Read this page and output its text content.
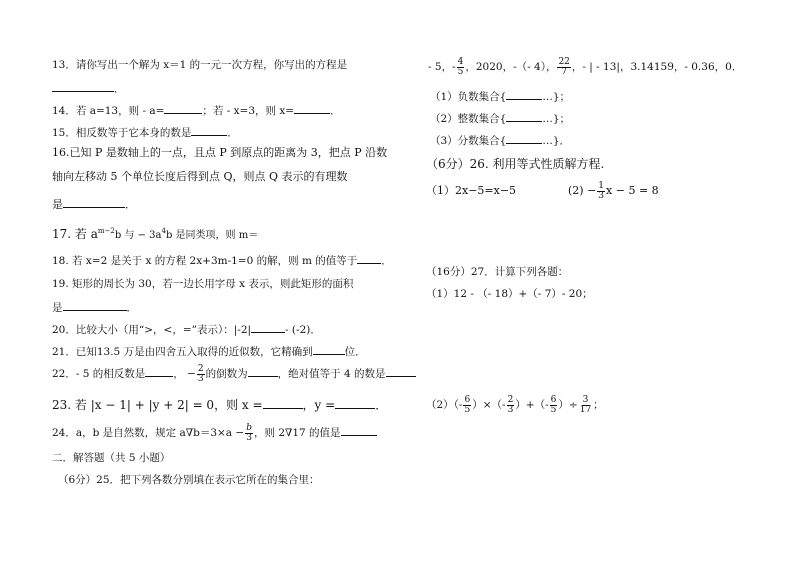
13．请你写出一个解为 x＝1 的一元一次方程，你写出的方程是
．
14．若 a=13，则 - a=	；若 - x=3，则 x=	．
15．相反数等于它本身的数是	．
16.已知 P 是数轴上的一点，且点 P 到原点的距离为 3，把点 P 沿数
轴向左移动 5 个单位长度后得到点 Q，则点 Q 表示的有理数
是	．
17. 若 $a^{m-2}b$ 与 − $3a^4b$ 是同类项，则 m＝
18. 若 x=2 是关于 x 的方程 2x+3m-1=0 的解，则 m 的值等于 ．
19. 矩形的周长为 30，若一边长用字母 x 表示，则此矩形的面积
是	．
20．比较大小（用“>，<，=”表示）：|-2|	- (-2)．
21．已知13.5 万是由四舍五入取得的近似数，它精确到	位．
22．- 5 的相反数是	， − $\frac{2}{3}$ 的倒数为	，绝对值等于 4 的数是
23. 若 |x − 1| + |y + 2| = 0，则 x =	，y =	．
24．a，b 是自然数，规定 $a\nabla b=3\times a - \frac{b}{3}$ ，则 2∇17 的值是
二．解答题（共 5 小题）
（6分）25．把下列各数分别填在表示它所在的集合里：
- 5，- $\frac{4}{5}$ ，2020，-（- 4）， $\frac{22}{7}$ ，- | - 13|，3.14159，- 0.36，0．
（1）负数集合{	…}；
（2）整数集合{	…}；
（3）分数集合{	…}．
（6分）26. 利用等式性质解方程.
（1）2x−5=x−5	$(2) - \frac{1}{3}$ x − 5 = 8
（16分）27．计算下列各题：
（1）12 - （- 18）+（- 7）- 20；
$(2)(- \frac{6}{5}$ ）×（- $\frac{2}{3}$ ）+（- $\frac{6}{5}$ ）÷ $\frac{3}{17}$ ；
